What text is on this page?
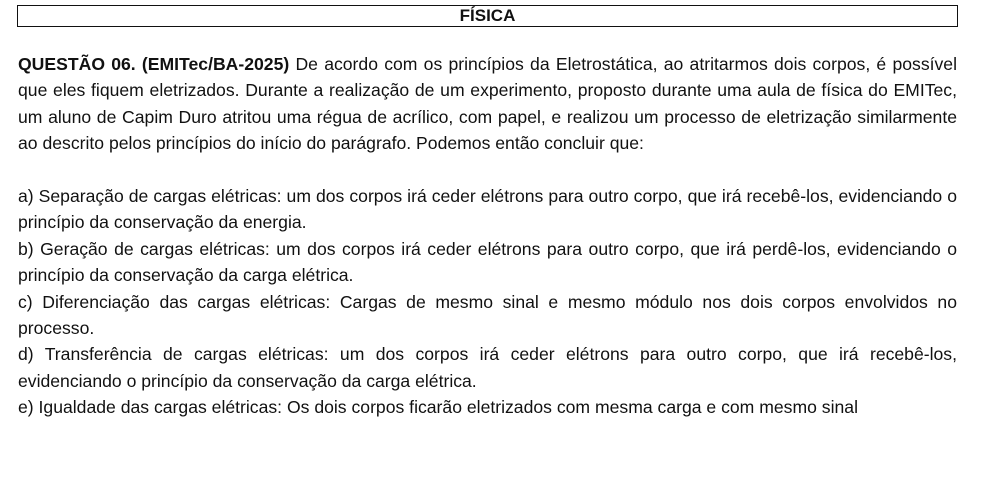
FÍSICA

QUESTÃO 06. (EMITec/BA-2025) De acordo com os princípios da Eletrostática, ao atritarmos dois corpos, é possível que eles fiquem eletrizados. Durante a realização de um experimento, proposto durante uma aula de física do EMITec, um aluno de Capim Duro atritou uma régua de acrílico, com papel, e realizou um processo de eletrização similarmente ao descrito pelos princípios do início do parágrafo. Podemos então concluir que:

a) Separação de cargas elétricas: um dos corpos irá ceder elétrons para outro corpo, que irá recebê-los, evidenciando o princípio da conservação da energia.

b) Geração de cargas elétricas: um dos corpos irá ceder elétrons para outro corpo, que irá perdê-los, evidenciando o princípio da conservação da carga elétrica.

c) Diferenciação das cargas elétricas: Cargas de mesmo sinal e mesmo módulo nos dois corpos envolvidos no processo.

d) Transferência de cargas elétricas: um dos corpos irá ceder elétrons para outro corpo, que irá recebê-los, evidenciando o princípio da conservação da carga elétrica.

e) Igualdade das cargas elétricas: Os dois corpos ficarão eletrizados com mesma carga e com mesmo sinal
